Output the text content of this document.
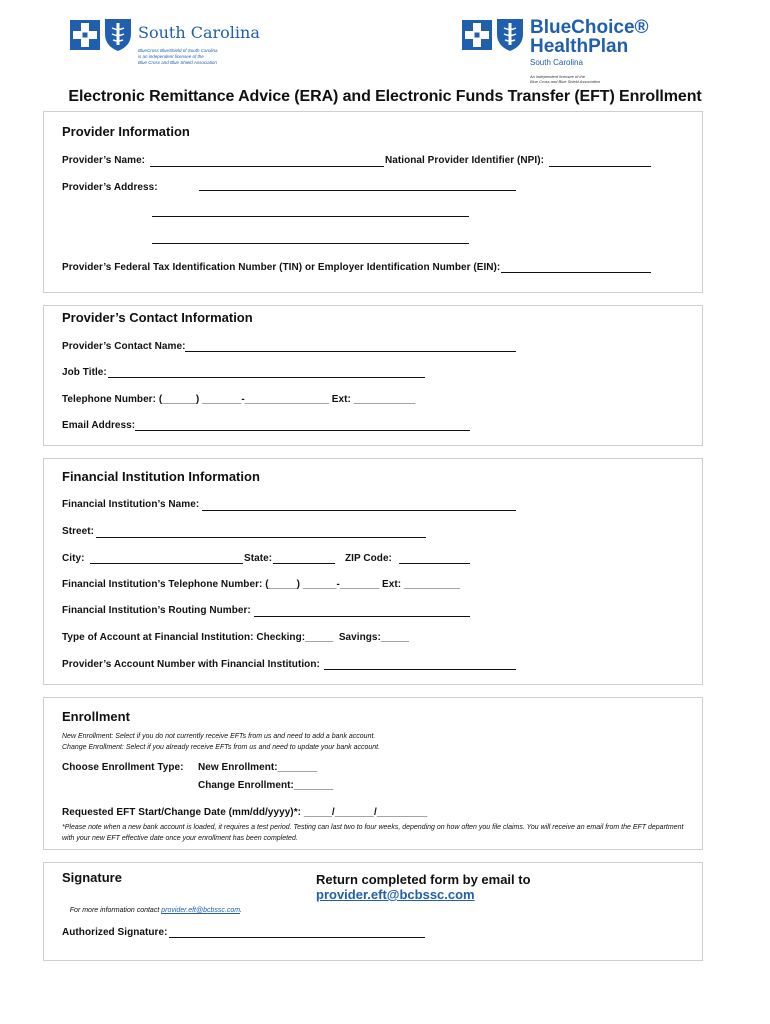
South Carolina
BlueCross BlueShield of South Carolina
is an independent licensee of the
Blue Cross and Blue Shield Association
BlueChoice®
HealthPlan
South Carolina
An independent licensee of the
Blue Cross and Blue Shield Association
Electronic Remittance Advice (ERA) and Electronic Funds Transfer (EFT) Enrollment
Provider Information
Provider’s Name:	National Provider Identifier (NPI):
Provider’s Address:
Provider’s Federal Tax Identification Number (TIN) or Employer Identification Number (EIN):
Provider’s Contact Information
Provider’s Contact Name:
Job Title:
Telephone Number: (______) _______-_______________ Ext: ___________
Email Address:
Financial Institution Information
Financial Institution’s Name:
Street:
City:	State:	ZIP Code:
Financial Institution’s Telephone Number: (_____) ______-_______ Ext: __________
Financial Institution’s Routing Number:
Type of Account at Financial Institution: Checking:_____  Savings:_____
Provider’s Account Number with Financial Institution:
Enrollment
New Enrollment: Select if you do not currently receive EFTs from us and need to add a bank account.
Change Enrollment: Select if you already receive EFTs from us and need to update your bank account.
Choose Enrollment Type: New Enrollment:_______
Change Enrollment:_______
Requested EFT Start/Change Date (mm/dd/yyyy)*: _____/_______/_________
*Please note when a new bank account is loaded, it requires a test period. Testing can last two to four weeks, depending on how often you file claims. You will receive an email from the EFT department with your new EFT effective date once your enrollment has been completed.
Signature

For more information contact provider.eft@bcbssc.com.

Return completed form by email to
provider.eft@bcbssc.com
Authorized Signature:
